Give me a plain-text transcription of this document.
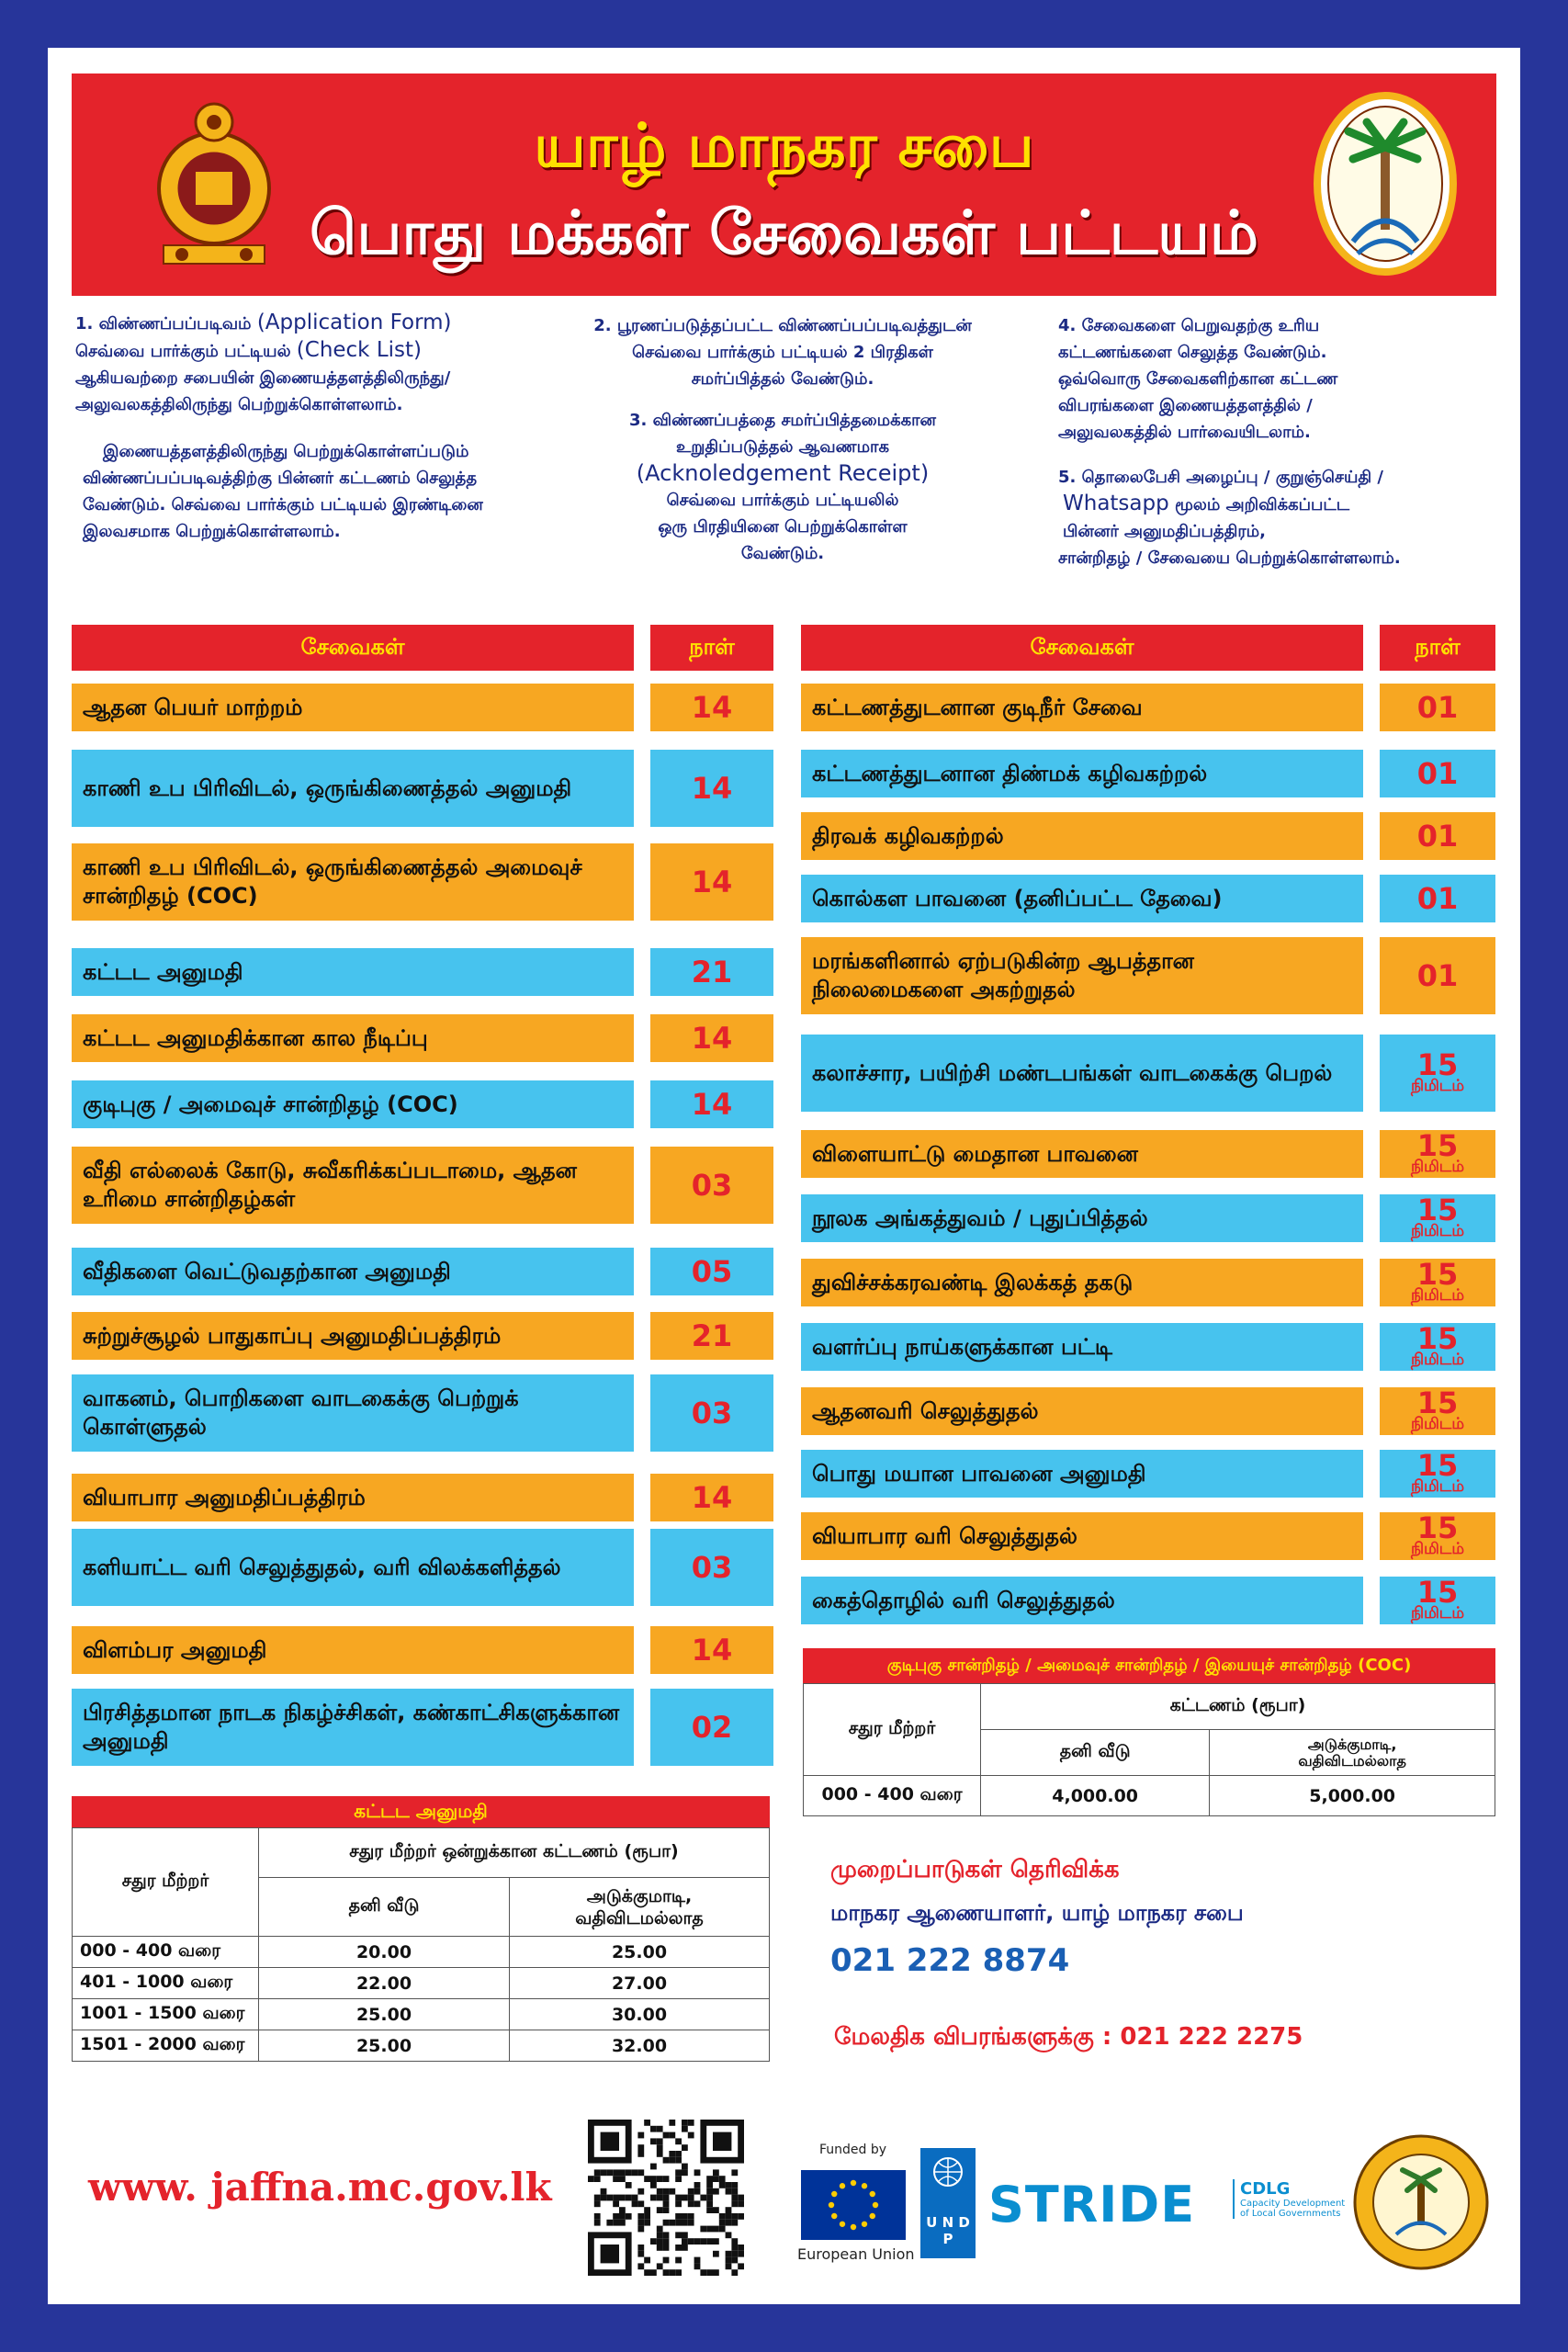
யாழ் மாநகர சபை
பொது மக்கள் சேவைகள் பட்டயம்
1. விண்ணப்பப்படிவம் (Application Form)
செவ்வை பார்க்கும் பட்டியல் (Check List)
ஆகியவற்றை சபையின் இணையத்தளத்திலிருந்து/
அலுவலகத்திலிருந்து பெற்றுக்கொள்ளலாம்.
இணையத்தளத்திலிருந்து பெற்றுக்கொள்ளப்படும்
விண்ணப்பப்படிவத்திற்கு பின்னர் கட்டணம் செலுத்த
வேண்டும். செவ்வை பார்க்கும் பட்டியல் இரண்டினை
இலவசமாக பெற்றுக்கொள்ளலாம்.
2. பூரணப்படுத்தப்பட்ட விண்ணப்பப்படிவத்துடன்
செவ்வை பார்க்கும் பட்டியல் 2 பிரதிகள்
சமர்ப்பித்தல் வேண்டும்.
3. விண்ணப்பத்தை சமர்ப்பித்தமைக்கான
உறுதிப்படுத்தல் ஆவணமாக
(Acknoledgement Receipt)
செவ்வை பார்க்கும் பட்டியலில்
ஒரு பிரதியினை பெற்றுக்கொள்ள
வேண்டும்.
4. சேவைகளை பெறுவதற்கு உரிய
கட்டணங்களை செலுத்த வேண்டும்.
ஒவ்வொரு சேவைகளிற்கான கட்டண
விபரங்களை இணையத்தளத்தில் /
அலுவலகத்தில் பார்வையிடலாம்.
5. தொலைபேசி அழைப்பு / குறுஞ்செய்தி /
Whatsapp மூலம் அறிவிக்கப்பட்ட
பின்னர் அனுமதிப்பத்திரம்,
சான்றிதழ் / சேவையை பெற்றுக்கொள்ளலாம்.
சேவைகள்	நாள்	சேவைகள்	நாள்
ஆதன பெயர் மாற்றம்	14
காணி உப பிரிவிடல், ஒருங்கிணைத்தல் அனுமதி	14
காணி உப பிரிவிடல், ஒருங்கிணைத்தல் அமைவுச் சான்றிதழ் (COC)	14
கட்டட அனுமதி	21
கட்டட அனுமதிக்கான கால நீடிப்பு	14
குடிபுகு / அமைவுச் சான்றிதழ் (COC)	14
வீதி எல்லைக் கோடு, சுவீகரிக்கப்படாமை, ஆதன உரிமை சான்றிதழ்கள்	03
வீதிகளை வெட்டுவதற்கான அனுமதி	05
சுற்றுச்சூழல் பாதுகாப்பு அனுமதிப்பத்திரம்	21
வாகனம், பொறிகளை வாடகைக்கு பெற்றுக் கொள்ளுதல்	03
வியாபார அனுமதிப்பத்திரம்	14
களியாட்ட வரி செலுத்துதல், வரி விலக்களித்தல்	03
விளம்பர அனுமதி	14
பிரசித்தமான நாடக நிகழ்ச்சிகள், கண்காட்சிகளுக்கான அனுமதி	02
கட்டணத்துடனான குடிநீர் சேவை	01
கட்டணத்துடனான திண்மக் கழிவகற்றல்	01
திரவக் கழிவகற்றல்	01
கொல்கள பாவனை (தனிப்பட்ட தேவை)	01
மரங்களினால் ஏற்படுகின்ற ஆபத்தான நிலைமைகளை அகற்றுதல்	01
கலாச்சார, பயிற்சி மண்டபங்கள் வாடகைக்கு பெறல்	15
நிமிடம்
விளையாட்டு மைதான பாவனை	15
நிமிடம்
நூலக அங்கத்துவம் / புதுப்பித்தல்	15
நிமிடம்
துவிச்சக்கரவண்டி இலக்கத் தகடு	15
நிமிடம்
வளர்ப்பு நாய்களுக்கான பட்டி	15
நிமிடம்
ஆதனவரி செலுத்துதல்	15
நிமிடம்
பொது மயான பாவனை அனுமதி	15
நிமிடம்
வியாபார வரி செலுத்துதல்	15
நிமிடம்
கைத்தொழில் வரி செலுத்துதல்	15
நிமிடம்
குடிபுகு சான்றிதழ் / அமைவுச் சான்றிதழ் / இயையுச் சான்றிதழ் (COC)
சதுர மீற்றர்	கட்டணம் (ரூபா)	
	தனி வீடு	அடுக்குமாடி,
வதிவிடமல்லாத

000 - 400 வரை	4,000.00	5,000.00
கட்டட அனுமதி
சதுர மீற்றர்	சதுர மீற்றர் ஒன்றுக்கான கட்டணம் (ரூபா)	
	தனி வீடு	அடுக்குமாடி,
வதிவிடமல்லாத

000 - 400 வரை	20.00	25.00
401 - 1000 வரை	22.00	27.00
1001 - 1500 வரை	25.00	30.00
1501 - 2000 வரை	25.00	32.00
முறைப்பாடுகள் தெரிவிக்க
மாநகர ஆணையாளர், யாழ் மாநகர சபை
021 222 8874
மேலதிக விபரங்களுக்கு : 021 222 2275
www. jaffna.mc.gov.lk
Funded by
European Union
U N D P
STRIDE	CDLG
Capacity Development
of Local Governments
